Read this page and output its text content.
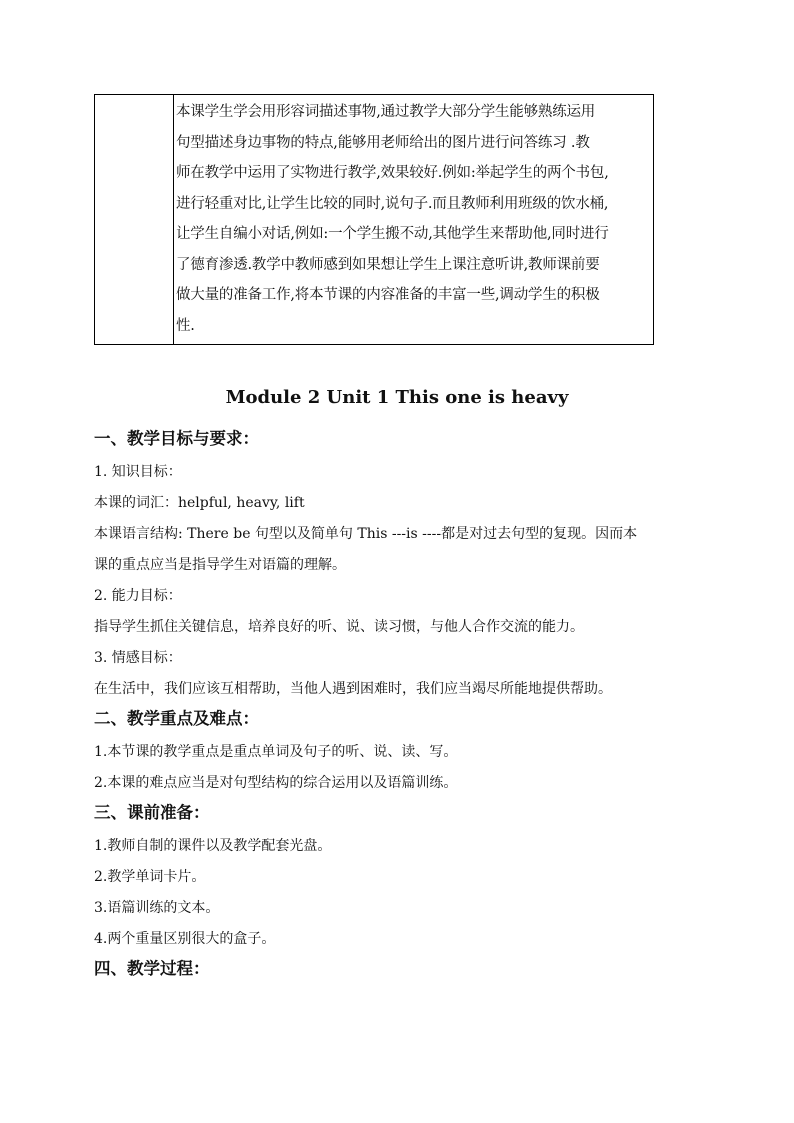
本课学生学会用形容词描述事物,通过教学大部分学生能够熟练运用
句型描述身边事物的特点,能够用老师给出的图片进行问答练习 .教
师在教学中运用了实物进行教学,效果较好.例如:举起学生的两个书包,
进行轻重对比,让学生比较的同时,说句子.而且教师利用班级的饮水桶,
让学生自编小对话,例如:一个学生搬不动,其他学生来帮助他,同时进行
了德育渗透.教学中教师感到如果想让学生上课注意听讲,教师课前要
做大量的准备工作,将本节课的内容准备的丰富一些,调动学生的积极
性.
Module 2 Unit 1 This one is heavy
一、教学目标与要求：
1. 知识目标：
本课的词汇：helpful, heavy, lift
本课语言结构: There be 句型以及简单句 This ---is ----都是对过去句型的复现。因而本
课的重点应当是指导学生对语篇的理解。
2. 能力目标：
指导学生抓住关键信息，培养良好的听、说、读习惯，与他人合作交流的能力。
3. 情感目标：
在生活中，我们应该互相帮助，当他人遇到困难时，我们应当竭尽所能地提供帮助。
二、教学重点及难点：
1.本节课的教学重点是重点单词及句子的听、说、读、写。
2.本课的难点应当是对句型结构的综合运用以及语篇训练。
三、课前准备：
1.教师自制的课件以及教学配套光盘。
2.教学单词卡片。
3.语篇训练的文本。
4.两个重量区别很大的盒子。
四、教学过程：
